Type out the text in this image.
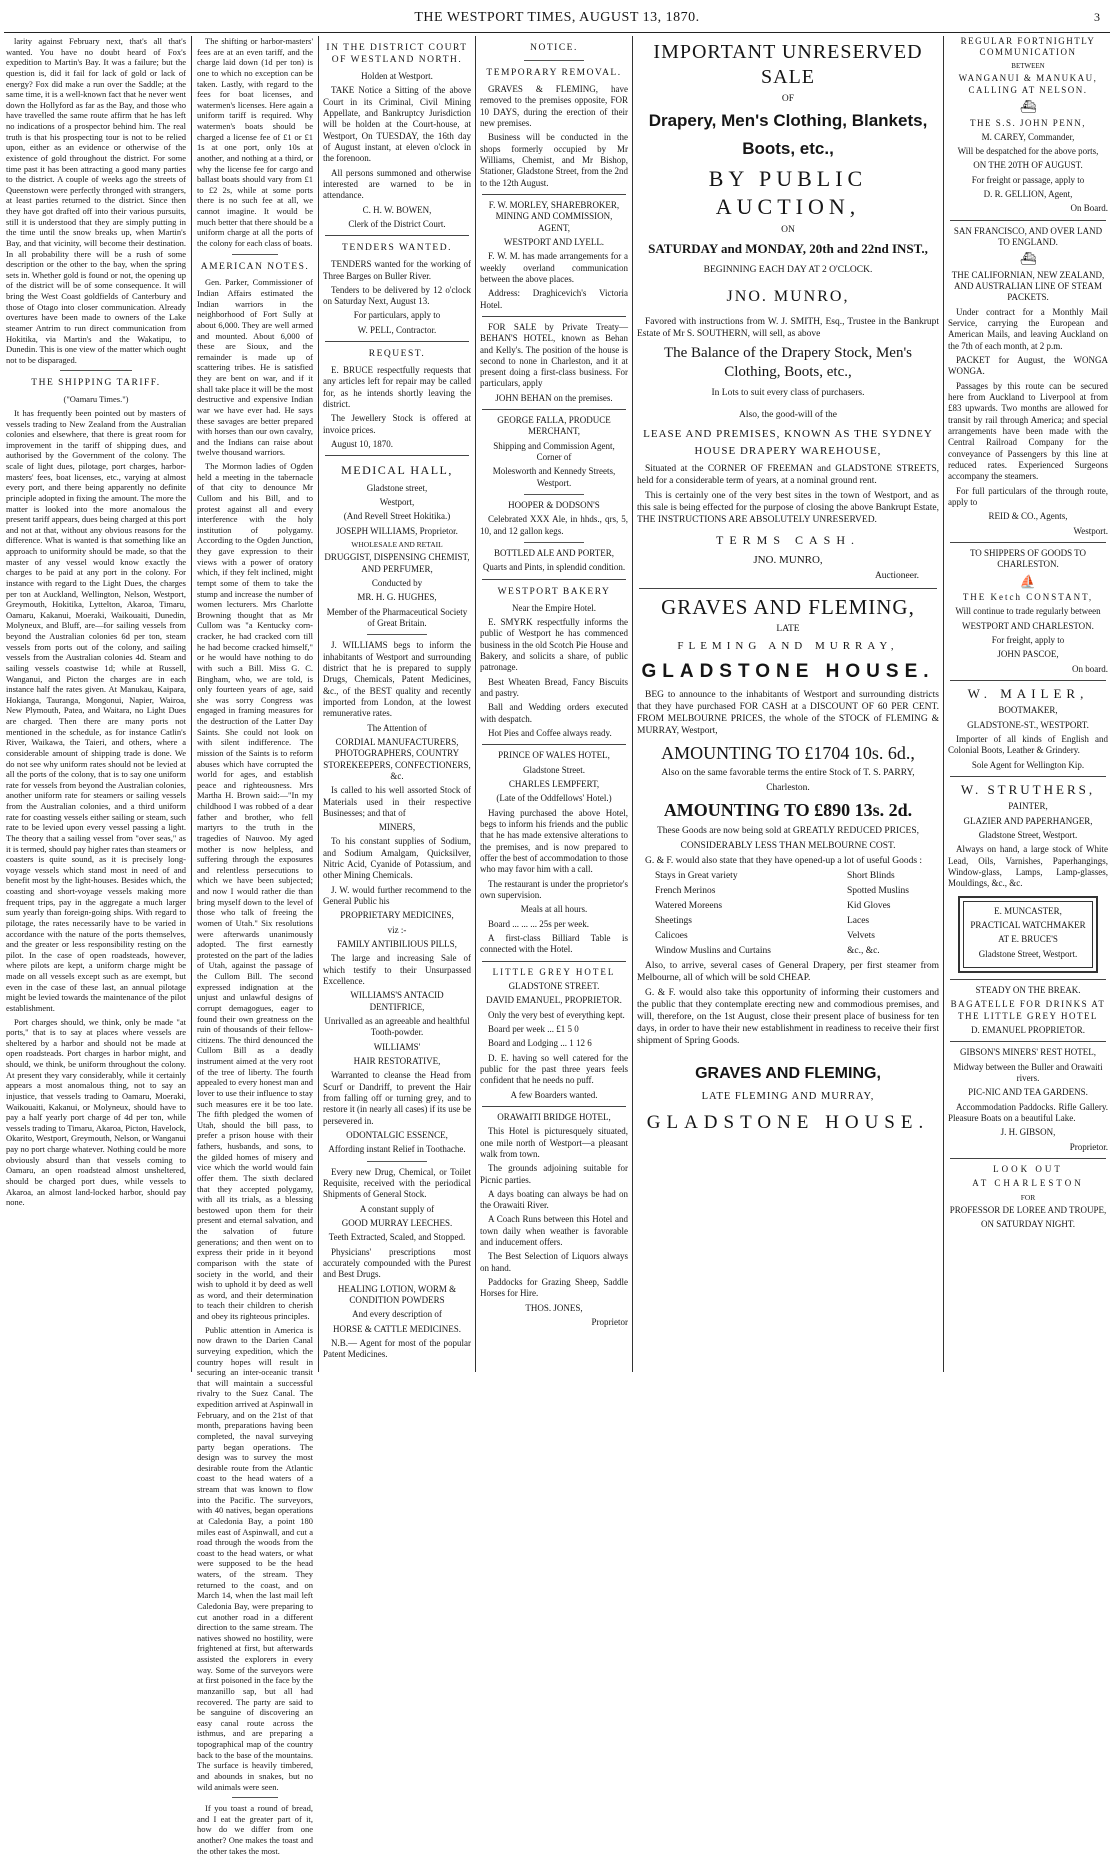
THE WESTPORT TIMES, AUGUST 13, 1870.	3

larity against February next, that's all that's wanted. You have no doubt heard of Fox's expedition to Martin's Bay. It was a failure; but the question is, did it fail for lack of gold or lack of energy? Fox did make a run over the Saddle; at the same time, it is a well-known fact that he never went down the Hollyford as far as the Bay, and those who have travelled the same route affirm that he has left no indications of a prospector behind him. The real truth is that his prospecting tour is not to be relied upon, either as an evidence or otherwise of the existence of gold throughout the district. For some time past it has been attracting a good many parties to the district. A couple of weeks ago the streets of Queenstown were perfectly thronged with strangers, at least parties returned to the district. Since then they have got drafted off into their various pursuits, still it is understood that they are simply putting in the time until the snow breaks up, when Martin's Bay, and that vicinity, will become their destination. In all probability there will be a rush of some description or the other to the bay, when the spring sets in. Whether gold is found or not, the opening up of the district will be of some consequence. It will bring the West Coast goldfields of Canterbury and those of Otago into closer communication. Already overtures have been made to owners of the Lake steamer Antrim to run direct communication from Hokitika, via Martin's and the Wakatipu, to Dunedin. This is one view of the matter which ought not to be disparaged.

THE SHIPPING TARIFF.

("Oamaru Times.")

It has frequently been pointed out by masters of vessels trading to New Zealand from the Australian colonies and elsewhere, that there is great room for improvement in the tariff of shipping dues, and authorised by the Government of the colony. The scale of light dues, pilotage, port charges, harbor-masters' fees, boat licenses, etc., varying at almost every port, and there being apparently no definite principle adopted in fixing the amount. The more the matter is looked into the more anomalous the present tariff appears, dues being charged at this port and not at that, without any obvious reasons for the difference. What is wanted is that something like an approach to uniformity should be made, so that the master of any vessel would know exactly the charges to be paid at any port in the colony. For instance with regard to the Light Dues, the charges per ton at Auckland, Wellington, Nelson, Westport, Greymouth, Hokitika, Lyttelton, Akaroa, Timaru, Oamaru, Kakanui, Moeraki, Waikouaiti, Dunedin, Molyneux, and Bluff, are—for sailing vessels from beyond the Australian colonies 6d per ton, steam vessels from ports out of the colony, and sailing vessels from the Australian colonies 4d. Steam and sailing vessels coastwise 1d; while at Russell, Wanganui, and Picton the charges are in each instance half the rates given. At Manukau, Kaipara, Hokianga, Tauranga, Mongonui, Napier, Wairoa, New Plymouth, Patea, and Waitara, no Light Dues are charged. Then there are many ports not mentioned in the schedule, as for instance Catlin's River, Waikawa, the Taieri, and others, where a considerable amount of shipping trade is done. We do not see why uniform rates should not be levied at all the ports of the colony, that is to say one uniform rate for vessels from beyond the Australian colonies, another uniform rate for steamers or sailing vessels from the Australian colonies, and a third uniform rate for coasting vessels either sailing or steam, such rate to be levied upon every vessel passing a light. The theory that a sailing vessel from "over seas," as it is termed, should pay higher rates than steamers or coasters is quite sound, as it is precisely long-voyage vessels which stand most in need of and benefit most by the light-houses. Besides which, the coasting and short-voyage vessels making more frequent trips, pay in the aggregate a much larger sum yearly than foreign-going ships. With regard to pilotage, the rates necessarily have to be varied in accordance with the nature of the ports themselves, and the greater or less responsibility resting on the pilot. In the case of open roadsteads, however, where pilots are kept, a uniform charge might be made on all vessels except such as are exempt, but even in the case of these last, an annual pilotage might be levied towards the maintenance of the pilot establishment.

Port charges should, we think, only be made "at ports," that is to say at places where vessels are sheltered by a harbor and should not be made at open roadsteads. Port charges in harbor might, and should, we think, be uniform throughout the colony. At present they vary considerably, while it certainly appears a most anomalous thing, not to say an injustice, that vessels trading to Oamaru, Moeraki, Waikouaiti, Kakanui, or Molyneux, should have to pay a half yearly port charge of 4d per ton, while vessels trading to Timaru, Akaroa, Picton, Havelock, Okarito, Westport, Greymouth, Nelson, or Wanganui pay no port charge whatever. Nothing could be more obviously absurd than that vessels coming to Oamaru, an open roadstead almost unsheltered, should be charged port dues, while vessels to Akaroa, an almost land-locked harbor, should pay none.

The shifting or harbor-masters' fees are at an even tariff, and the charge laid down (1d per ton) is one to which no exception can be taken. Lastly, with regard to the fees for boat licenses, and watermen's licenses. Here again a uniform tariff is required. Why watermen's boats should be charged a license fee of £1 or £1 1s at one port, only 10s at another, and nothing at a third, or why the license fee for cargo and ballast boats should vary from £1 to £2 2s, while at some ports there is no such fee at all, we cannot imagine. It would be much better that there should be a uniform charge at all the ports of the colony for each class of boats.

AMERICAN NOTES.

Gen. Parker, Commissioner of Indian Affairs estimated the Indian warriors in the neighborhood of Fort Sully at about 6,000. They are well armed and mounted. About 6,000 of these are Sioux, and the remainder is made up of scattering tribes. He is satisfied they are bent on war, and if it shall take place it will be the most destructive and expensive Indian war we have ever had. He says these savages are better prepared with horses than our own cavalry, and the Indians can raise about twelve thousand warriors.

The Mormon ladies of Ogden held a meeting in the tabernacle of that city to denounce Mr Cullom and his Bill, and to protest against all and every interference with the holy institution of polygamy. According to the Ogden Junction, they gave expression to their views with a power of oratory which, if they felt inclined, might tempt some of them to take the stump and increase the number of women lecturers. Mrs Charlotte Browning thought that as Mr Cullom was "a Kentucky corn-cracker, he had cracked corn till he had become cracked himself," or he would have nothing to do with such a Bill. Miss G. C. Bingham, who, we are told, is only fourteen years of age, said she was sorry Congress was engaged in framing measures for the destruction of the Latter Day Saints. She could not look on with silent indifference. The mission of the Saints is to reform abuses which have corrupted the world for ages, and establish peace and righteousness. Mrs Martha H. Brown said:—"In my childhood I was robbed of a dear father and brother, who fell martyrs to the truth in the tragedies of Nauvoo. My aged mother is now helpless, and suffering through the exposures and relentless persecutions to which we have been subjected; and now I would rather die than bring myself down to the level of those who talk of freeing the women of Utah." Six resolutions were afterwards unanimously adopted. The first earnestly protested on the part of the ladies of Utah, against the passage of the Cullom Bill. The second expressed indignation at the unjust and unlawful designs of corrupt demagogues, eager to found their own greatness on the ruin of thousands of their fellow-citizens. The third denounced the Cullom Bill as a deadly instrument aimed at the very root of the tree of liberty. The fourth appealed to every honest man and lover to use their influence to stay such measures ere it be too late. The fifth pledged the women of Utah, should the bill pass, to prefer a prison house with their fathers, husbands, and sons, to the gilded homes of misery and vice which the world would fain offer them. The sixth declared that they accepted polygamy, with all its trials, as a blessing bestowed upon them for their present and eternal salvation, and the salvation of future generations; and then went on to express their pride in it beyond comparison with the state of society in the world, and their wish to uphold it by deed as well as word, and their determination to teach their children to cherish and obey its righteous principles.

Public attention in America is now drawn to the Darien Canal surveying expedition, which the country hopes will result in securing an inter-oceanic transit that will maintain a successful rivalry to the Suez Canal. The expedition arrived at Aspinwall in February, and on the 21st of that month, preparations having been completed, the naval surveying party began operations. The design was to survey the most desirable route from the Atlantic coast to the head waters of a stream that was known to flow into the Pacific. The surveyors, with 40 natives, began operations at Caledonia Bay, a point 180 miles east of Aspinwall, and cut a road through the woods from the coast to the head waters, or what were supposed to be the head waters, of the stream. They returned to the coast, and on March 14, when the last mail left Caledonia Bay, were preparing to cut another road in a different direction to the same stream. The natives showed no hostility, were frightened at first, but afterwards assisted the explorers in every way. Some of the surveyors were at first poisoned in the face by the manzanillo sap, but all had recovered. The party are said to be sanguine of discovering an easy canal route across the isthmus, and are preparing a topographical map of the country back to the base of the mountains. The surface is heavily timbered, and abounds in snakes, but no wild animals were seen.

If you toast a round of bread, and I eat the greater part of it, how do we differ from one another? One makes the toast and the other takes the most.

IN THE DISTRICT COURT OF WESTLAND NORTH.

Holden at Westport.

TAKE Notice a Sitting of the above Court in its Criminal, Civil Mining Appellate, and Bankruptcy Jurisdiction will be holden at the Court-house, at Westport, On TUESDAY, the 16th day of August instant, at eleven o'clock in the forenoon.

All persons summoned and otherwise interested are warned to be in attendance.

C. H. W. BOWEN,

Clerk of the District Court.

TENDERS WANTED.

TENDERS wanted for the working of Three Barges on Buller River.

Tenders to be delivered by 12 o'clock on Saturday Next, August 13.

For particulars, apply to

W. PELL, Contractor.

REQUEST.

E. BRUCE respectfully requests that any articles left for repair may be called for, as he intends shortly leaving the district.

The Jewellery Stock is offered at invoice prices.

August 10, 1870.

MEDICAL HALL,

Gladstone street,

Westport,

(And Revell Street Hokitika.)

JOSEPH WILLIAMS, Proprietor.

WHOLESALE AND RETAIL

DRUGGIST, DISPENSING CHEMIST, AND PERFUMER,

Conducted by

MR. H. G. HUGHES,

Member of the Pharmaceutical Society of Great Britain.

J. WILLIAMS begs to inform the inhabitants of Westport and surrounding district that he is prepared to supply Drugs, Chemicals, Patent Medicines, &c., of the BEST quality and recently imported from London, at the lowest remunerative rates.

The Attention of

CORDIAL MANUFACTURERS, PHOTOGRAPHERS, COUNTRY STOREKEEPERS, CONFECTIONERS, &c.

Is called to his well assorted Stock of Materials used in their respective Businesses; and that of

MINERS,

To his constant supplies of Sodium, and Sodium Amalgam, Quicksilver, Nitric Acid, Cyanide of Potassium, and other Mining Chemicals.

J. W. would further recommend to the General Public his

PROPRIETARY MEDICINES,

viz :-

FAMILY ANTIBILIOUS PILLS,

The large and increasing Sale of which testify to their Unsurpassed Excellence.

WILLIAMS'S ANTACID DENTIFRICE,

Unrivalled as an agreeable and healthful Tooth-powder.

WILLIAMS'

HAIR RESTORATIVE,

Warranted to cleanse the Head from Scurf or Dandriff, to prevent the Hair from falling off or turning grey, and to restore it (in nearly all cases) if its use be persevered in.

ODONTALGIC ESSENCE,

Affording instant Relief in Toothache.

Every new Drug, Chemical, or Toilet Requisite, received with the periodical Shipments of General Stock.

A constant supply of

GOOD MURRAY LEECHES.

Teeth Extracted, Scaled, and Stopped.

Physicians' prescriptions most accurately compounded with the Purest and Best Drugs.

HEALING LOTION, WORM & CONDITION POWDERS

And every description of

HORSE & CATTLE MEDICINES.

N.B.— Agent for most of the popular Patent Medicines.

NOTICE.
TEMPORARY REMOVAL.

GRAVES & FLEMING, have removed to the premises opposite, FOR 10 DAYS, during the erection of their new premises.

Business will be conducted in the shops formerly occupied by Mr Williams, Chemist, and Mr Bishop, Stationer, Gladstone Street, from the 2nd to the 12th August.

F. W. MORLEY, SHAREBROKER, MINING AND COMMISSION, AGENT,

WESTPORT AND LYELL.

F. W. M. has made arrangements for a weekly overland communication between the above places.

Address: Draghicevich's Victoria Hotel.

FOR SALE by Private Treaty—BEHAN'S HOTEL, known as Behan and Kelly's. The position of the house is second to none in Charleston, and it at present doing a first-class business. For particulars, apply

JOHN BEHAN on the premises.

GEORGE FALLA, PRODUCE MERCHANT,

Shipping and Commission Agent, Corner of

Molesworth and Kennedy Streets, Westport.

HOOPER & DODSON'S

Celebrated XXX Ale, in hhds., qrs, 5, 10, and 12 gallon kegs.

BOTTLED ALE AND PORTER,

Quarts and Pints, in splendid condition.

WESTPORT BAKERY

Near the Empire Hotel.

E. SMYRK respectfully informs the public of Westport he has commenced business in the old Scotch Pie House and Bakery, and solicits a share, of public patronage.

Best Wheaten Bread, Fancy Biscuits and pastry.

Ball and Wedding orders executed with despatch.

Hot Pies and Coffee always ready.

PRINCE OF WALES HOTEL,

Gladstone Street.

CHARLES LEMPFERT,

(Late of the Oddfellows' Hotel.)

Having purchased the above Hotel, begs to inform his friends and the public that he has made extensive alterations to the premises, and is now prepared to offer the best of accommodation to those who may favor him with a call.

The restaurant is under the proprietor's own supervision.

Meals at all hours.

Board ... ... ... 25s per week.

A first-class Billiard Table is connected with the Hotel.

LITTLE GREY HOTEL

GLADSTONE STREET.

DAVID EMANUEL, PROPRIETOR.

Only the very best of everything kept.

Board per week ... £1 5 0

Board and Lodging ... 1 12 6

D. E. having so well catered for the public for the past three years feels confident that he needs no puff.

A few Boarders wanted.

ORAWAITI BRIDGE HOTEL,

This Hotel is picturesquely situated, one mile north of Westport—a pleasant walk from town.

The grounds adjoining suitable for Picnic parties.

A days boating can always be had on the Orawaiti River.

A Coach Runs between this Hotel and town daily when weather is favorable and inducement offers.

The Best Selection of Liquors always on hand.

Paddocks for Grazing Sheep, Saddle Horses for Hire.

THOS. JONES,

Proprietor

IMPORTANT UNRESERVED SALE

OF

Drapery, Men's Clothing, Blankets,
Boots, etc.,
BY PUBLIC AUCTION,

ON

SATURDAY and MONDAY, 20th and 22nd INST.,

BEGINNING EACH DAY AT 2 O'CLOCK.

JNO. MUNRO,

Favored with instructions from W. J. SMITH, Esq., Trustee in the Bankrupt Estate of Mr S. SOUTHERN, will sell, as above

The Balance of the Drapery Stock, Men's Clothing, Boots, etc.,

In Lots to suit every class of purchasers.

Also, the good-will of the

LEASE AND PREMISES, KNOWN AS THE SYDNEY HOUSE DRAPERY WAREHOUSE,

Situated at the CORNER OF FREEMAN and GLADSTONE STREETS, held for a considerable term of years, at a nominal ground rent.

This is certainly one of the very best sites in the town of Westport, and as this sale is being effected for the purpose of closing the above Bankrupt Estate, THE INSTRUCTIONS ARE ABSOLUTELY UNRESERVED.

TERMS CASH.

JNO. MUNRO,

Auctioneer.

GRAVES AND FLEMING,

LATE

FLEMING AND MURRAY,

GLADSTONE HOUSE.

BEG to announce to the inhabitants of Westport and surrounding districts that they have purchased FOR CASH at a DISCOUNT OF 60 PER CENT. FROM MELBOURNE PRICES, the whole of the STOCK of FLEMING & MURRAY, Westport,

AMOUNTING TO £1704 10s. 6d.,

Also on the same favorable terms the entire Stock of T. S. PARRY,

Charleston.

AMOUNTING TO £890 13s. 2d.

These Goods are now being sold at GREATLY REDUCED PRICES,

CONSIDERABLY LESS THAN MELBOURNE COST.

G. & F. would also state that they have opened-up a lot of useful Goods :

Stays in Great variety

French Merinos

Watered Moreens

Sheetings

Calicoes

Window Muslins and Curtains

Short Blinds

Spotted Muslins

Kid Gloves

Laces

Velvets

&c., &c.

Also, to arrive, several cases of General Drapery, per first steamer from Melbourne, all of which will be sold CHEAP.

G. & F. would also take this opportunity of informing their customers and the public that they contemplate erecting new and commodious premises, and will, therefore, on the 1st August, close their present place of business for ten days, in order to have their new establishment in readiness to receive their first shipment of Spring Goods.

GRAVES AND FLEMING,

LATE FLEMING AND MURRAY,

GLADSTONE HOUSE.

REGULAR FORTNIGHTLY COMMUNICATION

BETWEEN

WANGANUI & MANUKAU, CALLING AT NELSON.

⛴

THE S.S. JOHN PENN,

M. CAREY, Commander,

Will be despatched for the above ports,

ON THE 20TH OF AUGUST.

For freight or passage, apply to

D. R. GELLION, Agent,

On Board.

SAN FRANCISCO, AND OVER LAND TO ENGLAND.

⛴

THE CALIFORNIAN, NEW ZEALAND, AND AUSTRALIAN LINE OF STEAM PACKETS.

Under contract for a Monthly Mail Service, carrying the European and American Mails, and leaving Auckland on the 7th of each month, at 2 p.m.

PACKET for August, the WONGA WONGA.

Passages by this route can be secured here from Auckland to Liverpool at from £83 upwards. Two months are allowed for transit by rail through America; and special arrangements have been made with the Central Railroad Company for the conveyance of Passengers by this line at reduced rates. Experienced Surgeons accompany the steamers.

For full particulars of the through route, apply to

REID & CO., Agents,

Westport.

TO SHIPPERS OF GOODS TO CHARLESTON.

⛵

THE Ketch CONSTANT,

Will continue to trade regularly between

WESTPORT AND CHARLESTON.

For freight, apply to

JOHN PASCOE,

On board.

W. MAILER,

BOOTMAKER,

GLADSTONE-ST., WESTPORT.

Importer of all kinds of English and Colonial Boots, Leather & Grindery.

Sole Agent for Wellington Kip.

W. STRUTHERS,

PAINTER,

GLAZIER AND PAPERHANGER,

Gladstone Street, Westport.

Always on hand, a large stock of White Lead, Oils, Varnishes, Paperhangings, Window-glass, Lamps, Lamp-glasses, Mouldings, &c., &c.

E. MUNCASTER,

PRACTICAL WATCHMAKER

AT E. BRUCE'S

Gladstone Street, Westport.

STEADY ON THE BREAK.

BAGATELLE FOR DRINKS AT THE LITTLE GREY HOTEL

D. EMANUEL PROPRIETOR.

GIBSON'S MINERS' REST HOTEL,

Midway between the Buller and Orawaiti rivers.

PIC-NIC AND TEA GARDENS.

Accommodation Paddocks. Rifle Gallery. Pleasure Boats on a beautiful Lake.

J. H. GIBSON,

Proprietor.

LOOK OUT

AT CHARLESTON

FOR

PROFESSOR DE LOREE AND TROUPE,

ON SATURDAY NIGHT.
